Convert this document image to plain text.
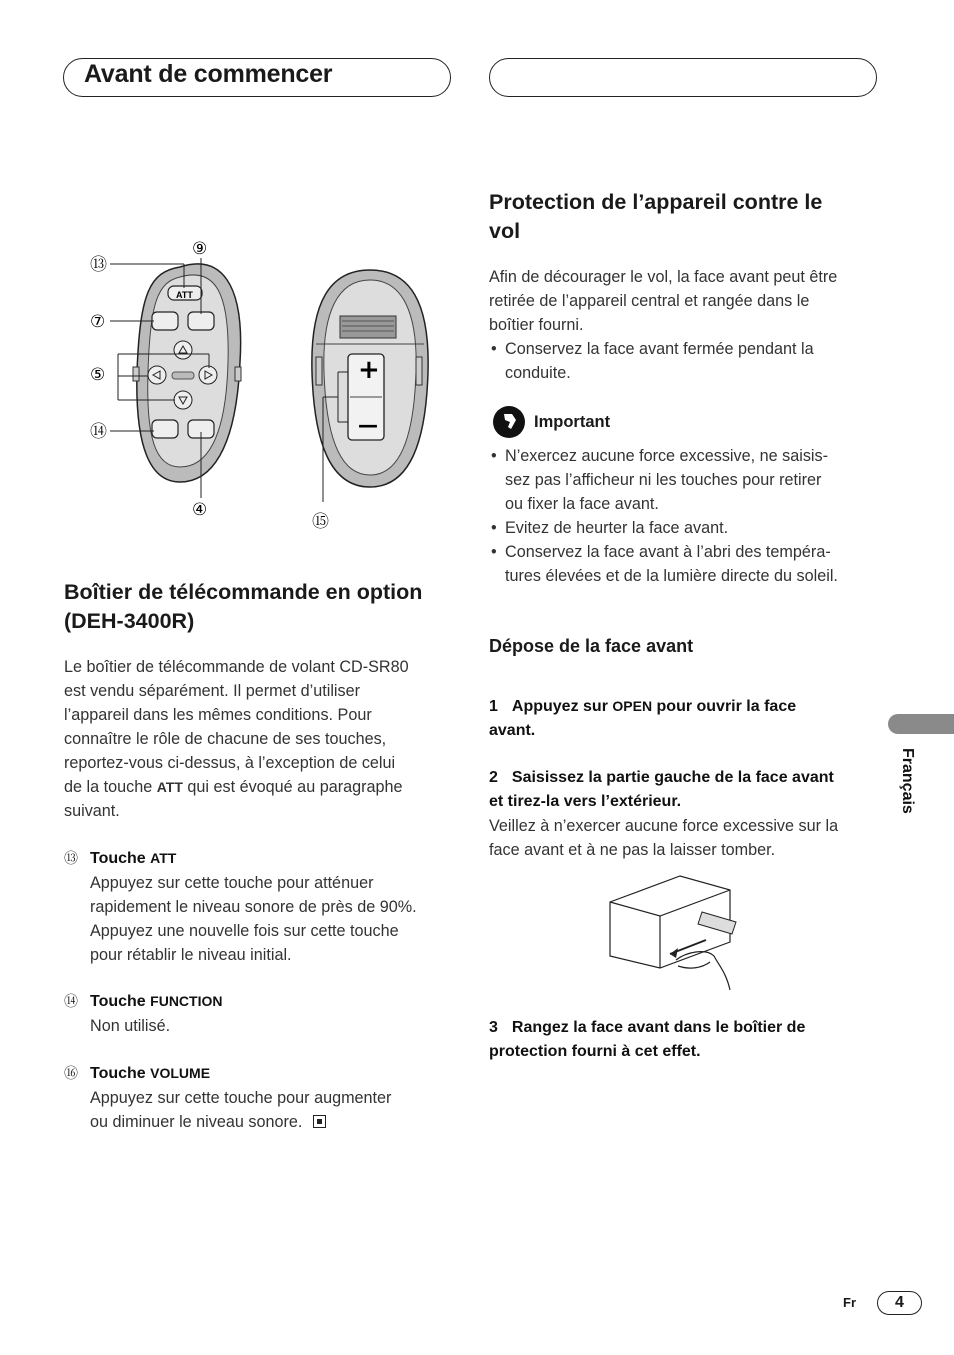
Avant de commencer
ATT
⑬
⑨
⑦
⑤
⑭
④
+
—
⑮
Boîtier de télécommande en option (DEH-3400R)

Le boîtier de télécommande de volant CD-SR80

est vendu séparément. Il permet d’utiliser

l’appareil dans les mêmes conditions. Pour

connaître le rôle de chacune de ses touches,

reportez-vous ci-dessus, à l’exception de celui

de la touche ATT qui est évoqué au paragraphe

suivant.

⑬ Touche ATT

Appuyez sur cette touche pour atténuer

rapidement le niveau sonore de près de 90%.

Appuyez une nouvelle fois sur cette touche

pour rétablir le niveau initial.

⑭ Touche FUNCTION

Non utilisé.

⑯ Touche VOLUME

Appuyez sur cette touche pour augmenter

ou diminuer le niveau sonore.

Protection de l’appareil contre le
vol

Afin de décourager le vol, la face avant peut être

retirée de l’appareil central et rangée dans le

boîtier fourni.

• Conservez la face avant fermée pendant la

conduite.

Important

• N’exercez aucune force excessive, ne saisis-

sez pas l’afficheur ni les touches pour retirer

ou fixer la face avant.

• Evitez de heurter la face avant.

• Conservez la face avant à l’abri des tempéra-

tures élevées et de la lumière directe du soleil.

Dépose de la face avant

1 Appuyez sur OPEN pour ouvrir la face

avant.

2 Saisissez la partie gauche de la face avant

et tirez-la vers l’extérieur.

Veillez à n’exercer aucune force excessive sur la

face avant et à ne pas la laisser tomber.

3 Rangez la face avant dans le boîtier de

protection fourni à cet effet.

Français
Fr	4
